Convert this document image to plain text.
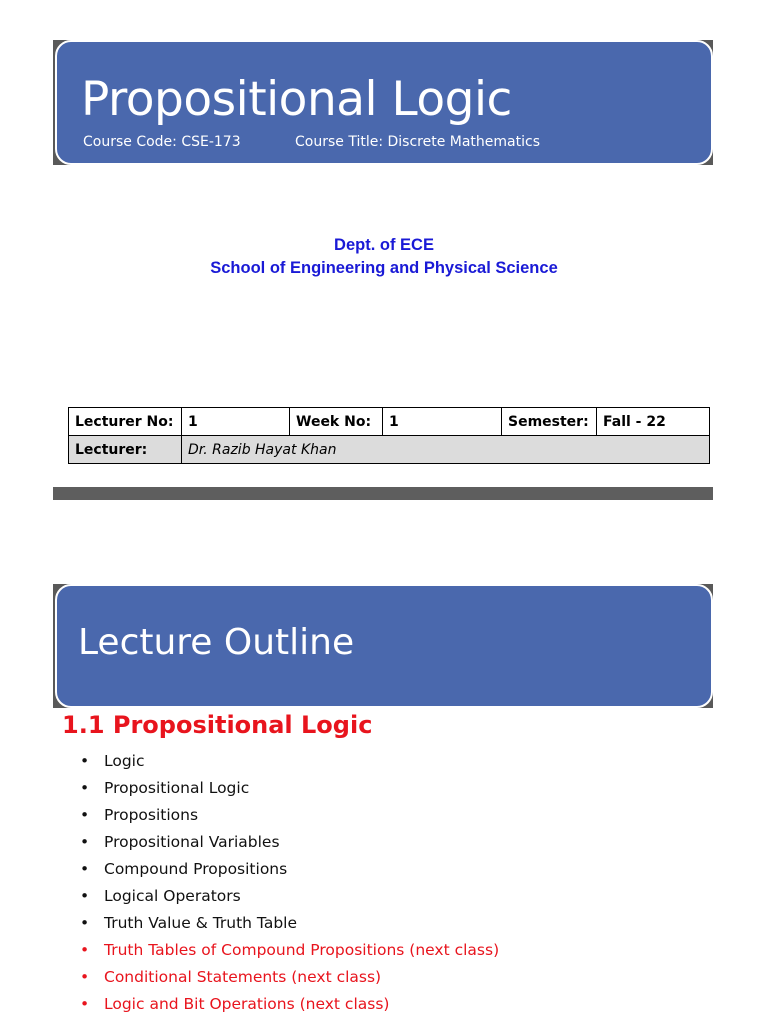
Propositional Logic
Course Code: CSE-173	Course Title: Discrete Mathematics
Dept. of ECE
School of Engineering and Physical Science
Lecturer No:	1	Week No:	1	Semester:	Fall - 22
Lecturer:	Dr. Razib Hayat Khan				
Lecture Outline
1.1 Propositional Logic
• Logic
• Propositional Logic
• Propositions
• Propositional Variables
• Compound Propositions
• Logical Operators
• Truth Value & Truth Table
• Truth Tables of Compound Propositions (next class)
• Conditional Statements (next class)
• Logic and Bit Operations (next class)
